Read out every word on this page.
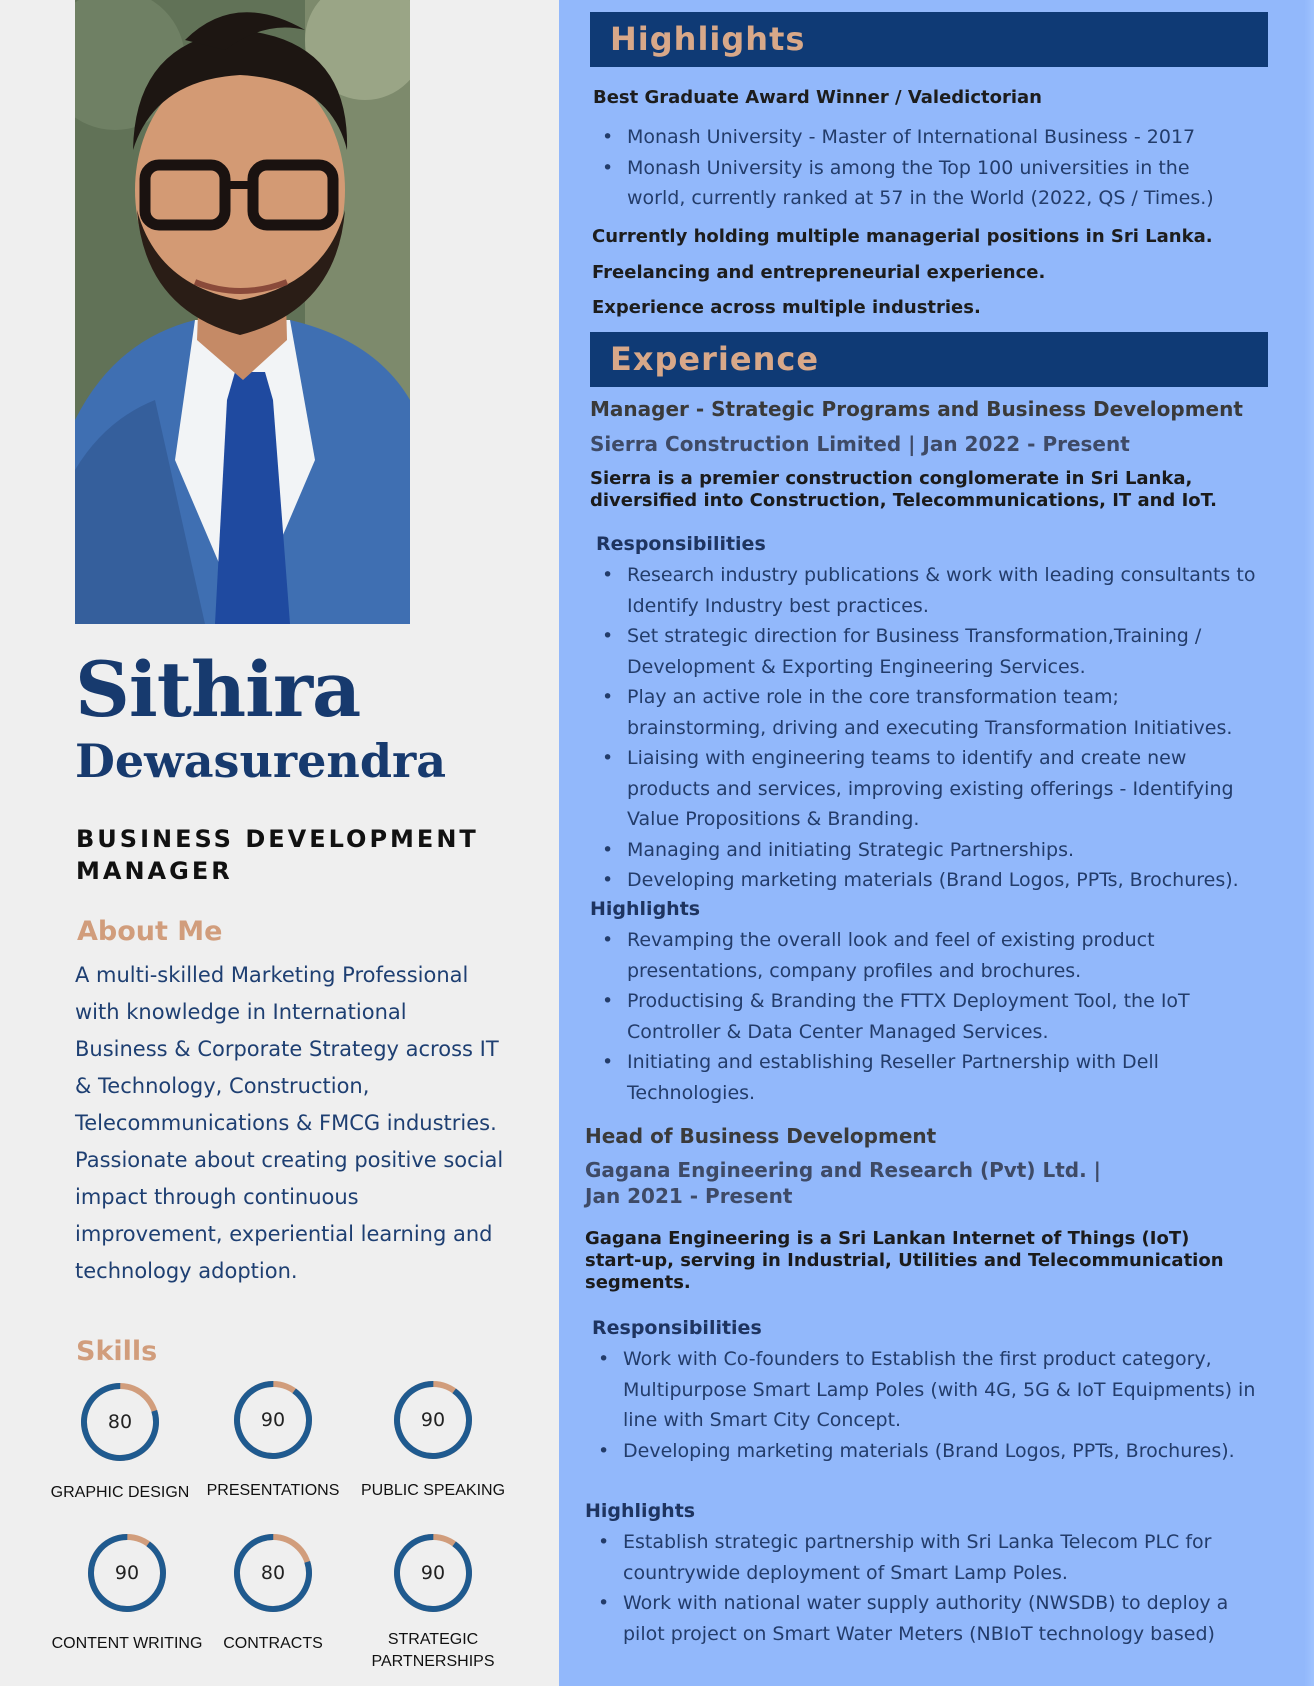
Sithira
Dewasurendra
BUSINESS DEVELOPMENT MANAGER
About Me
A multi-skilled Marketing Professional with knowledge in International Business & Corporate Strategy across IT & Technology, Construction, Telecommunications & FMCG industries. Passionate about creating positive social impact through continuous improvement, experiential learning and technology adoption.
Skills
80
GRAPHIC DESIGN
90
PRESENTATIONS
90
PUBLIC SPEAKING
90
CONTENT WRITING
80
CONTRACTS
90
STRATEGIC PARTNERSHIPS
Highlights
Best Graduate Award Winner / Valedictorian
• Monash University - Master of International Business - 2017
• Monash University is among the Top 100 universities in the world, currently ranked at 57 in the World (2022, QS / Times.)
Currently holding multiple managerial positions in Sri Lanka.
Freelancing and entrepreneurial experience.
Experience across multiple industries.
Experience
Manager - Strategic Programs and Business Development
Sierra Construction Limited | Jan 2022 - Present
Sierra is a premier construction conglomerate in Sri Lanka, diversified into Construction, Telecommunications, IT and IoT.
Responsibilities
• Research industry publications & work with leading consultants to Identify Industry best practices.
• Set strategic direction for Business Transformation,Training / Development & Exporting Engineering Services.
• Play an active role in the core transformation team; brainstorming, driving and executing Transformation Initiatives.
• Liaising with engineering teams to identify and create new products and services, improving existing offerings - Identifying Value Propositions & Branding.
• Managing and initiating Strategic Partnerships.
• Developing marketing materials (Brand Logos, PPTs, Brochures).
Highlights
• Revamping the overall look and feel of existing product presentations, company profiles and brochures.
• Productising & Branding the FTTX Deployment Tool, the IoT Controller & Data Center Managed Services.
• Initiating and establishing Reseller Partnership with Dell Technologies.
Head of Business Development
Gagana Engineering and Research (Pvt) Ltd. |
Jan 2021 - Present
Gagana Engineering is a Sri Lankan Internet of Things (IoT) start-up, serving in Industrial, Utilities and Telecommunication segments.
Responsibilities
• Work with Co-founders to Establish the first product category, Multipurpose Smart Lamp Poles (with 4G, 5G & IoT Equipments) in line with Smart City Concept.
• Developing marketing materials (Brand Logos, PPTs, Brochures).
Highlights
• Establish strategic partnership with Sri Lanka Telecom PLC for countrywide deployment of Smart Lamp Poles.
• Work with national water supply authority (NWSDB) to deploy a pilot project on Smart Water Meters (NBIoT technology based)
